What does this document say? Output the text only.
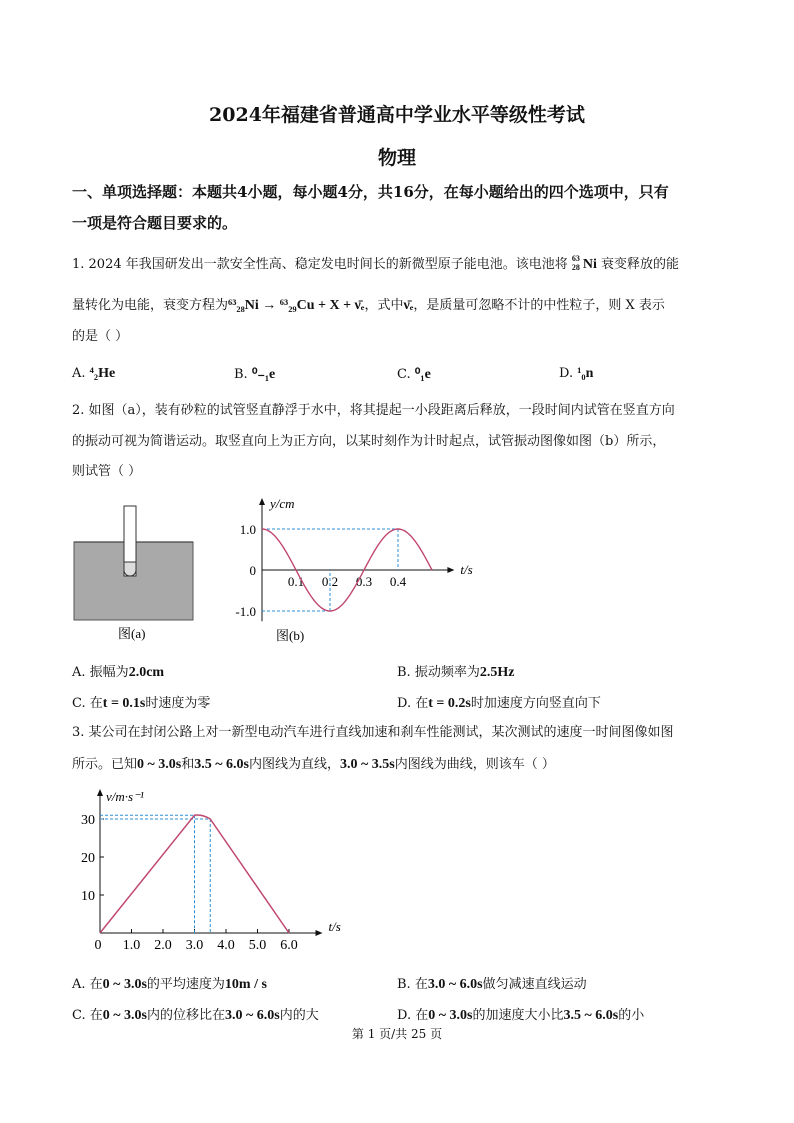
2024年福建省普通高中学业水平等级性考试
物理
一、单项选择题：本题共4小题，每小题4分，共16分，在每小题给出的四个选项中，只有
一项是符合题目要求的。
1. 2024 年我国研发出一款安全性高、稳定发电时间长的新微型原子能电池。该电池将 63
28 Ni 衰变释放的能
量转化为电能，衰变方程为⁶³₂₈Ni → ⁶³₂₉Cu + X + ν̄ₑ，式中ν̄ₑ，是质量可忽略不计的中性粒子，则 X 表示
的是（ ）
A. ⁴₂He	B. ⁰₋₁e	C. ⁰₁e	D. ¹₀n
2. 如图（a），装有砂粒的试管竖直静浮于水中，将其提起一小段距离后释放，一段时间内试管在竖直方向
的振动可视为简谐运动。取竖直向上为正方向，以某时刻作为计时起点，试管振动图像如图（b）所示，
则试管（ ）
图(a)
y/cm
t/s
1.0
0
-1.0
0.1 0.2 0.3 0.4
图(b)
A. 振幅为2.0cm	B. 振动频率为2.5Hz
C. 在t = 0.1s时速度为零	D. 在t = 0.2s时加速度方向竖直向下
3. 某公司在封闭公路上对一新型电动汽车进行直线加速和刹车性能测试，某次测试的速度一时间图像如图
所示。已知0 ~ 3.0s和3.5 ~ 6.0s内图线为直线，3.0 ~ 3.5s内图线为曲线，则该车（ ）
v/m·s⁻¹
t/s
10
20
30
0 1.0 2.0 3.0 4.0 5.0 6.0
A. 在0 ~ 3.0s的平均速度为10m / s	B. 在3.0 ~ 6.0s做匀减速直线运动
C. 在0 ~ 3.0s内的位移比在3.0 ~ 6.0s内的大	D. 在0 ~ 3.0s的加速度大小比3.5 ~ 6.0s的小
第 1 页/共 25 页
